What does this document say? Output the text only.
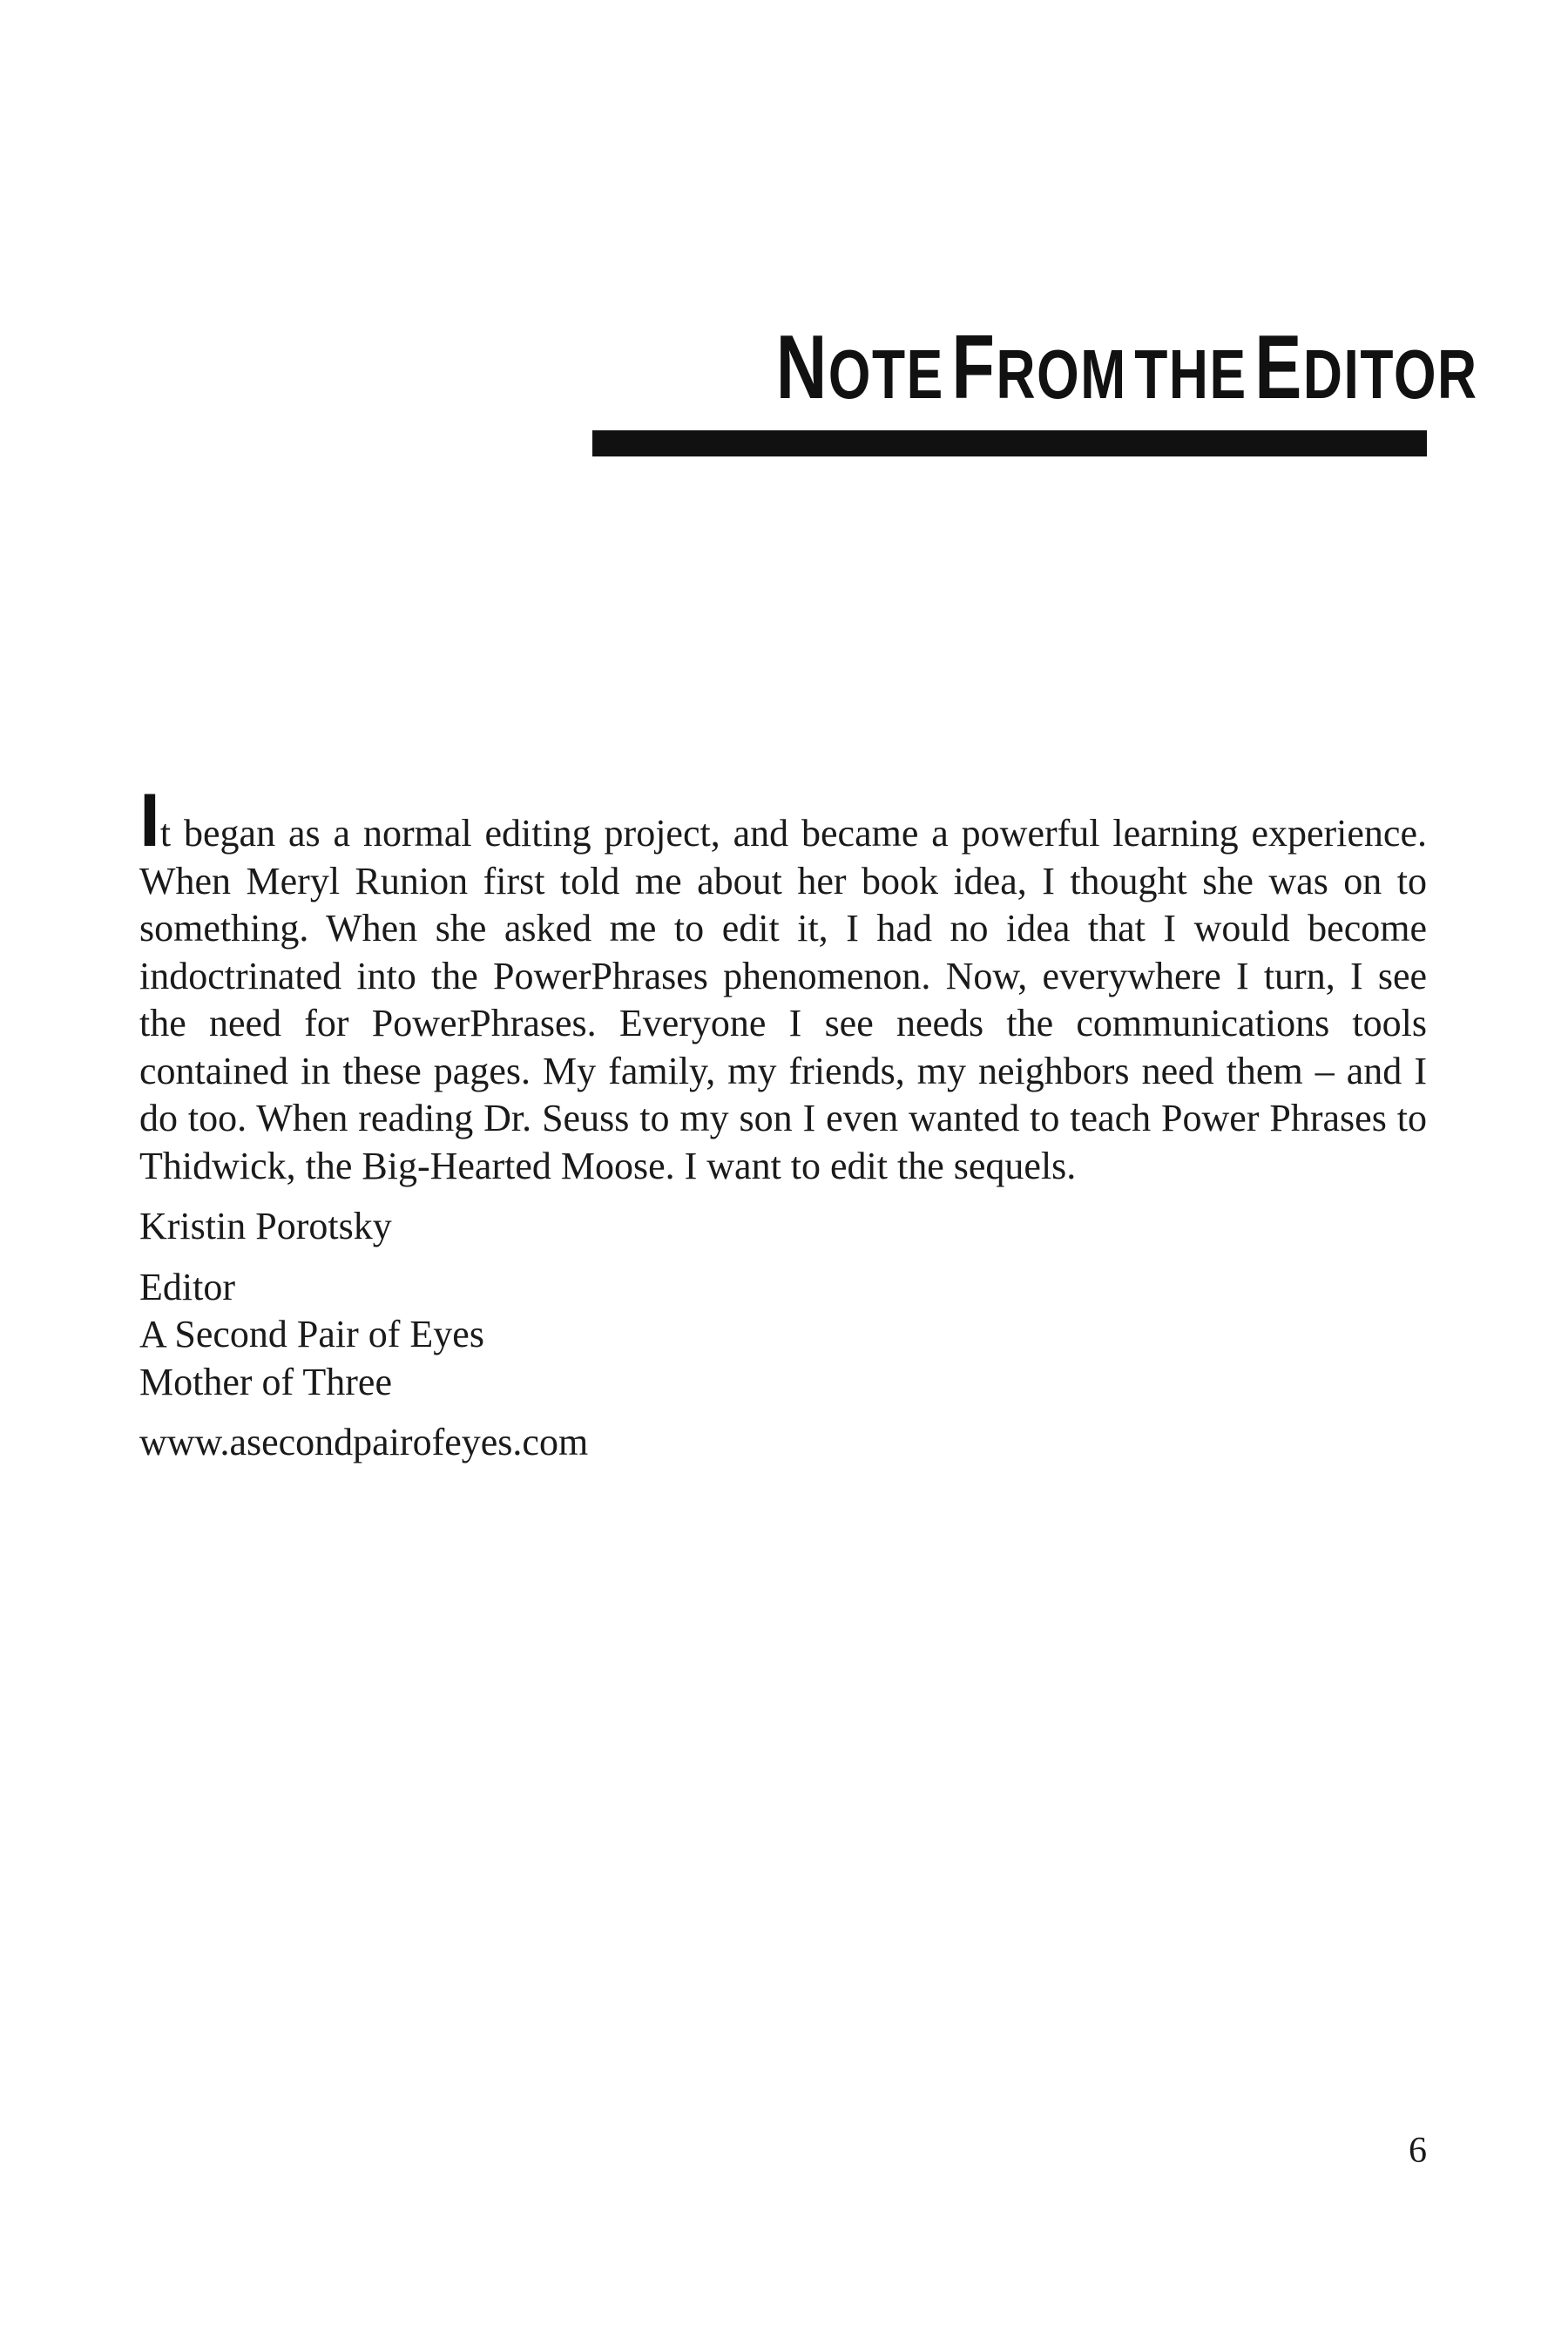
NOTE FROM THE EDITOR

It began as a normal editing project, and became a powerful learning experience. When Meryl Runion first told me about her book idea, I thought she was on to something. When she asked me to edit it, I had no idea that I would become indoctrinated into the PowerPhrases phenomenon. Now, everywhere I turn, I see the need for PowerPhrases. Everyone I see needs the communications tools contained in these pages. My family, my friends, my neighbors need them – and I do too. When reading Dr. Seuss to my son I even wanted to teach Power Phrases to Thidwick, the Big-Hearted Moose. I want to edit the sequels.

Kristin Porotsky

Editor

A Second Pair of Eyes

Mother of Three

www.asecondpairofeyes.com

6
